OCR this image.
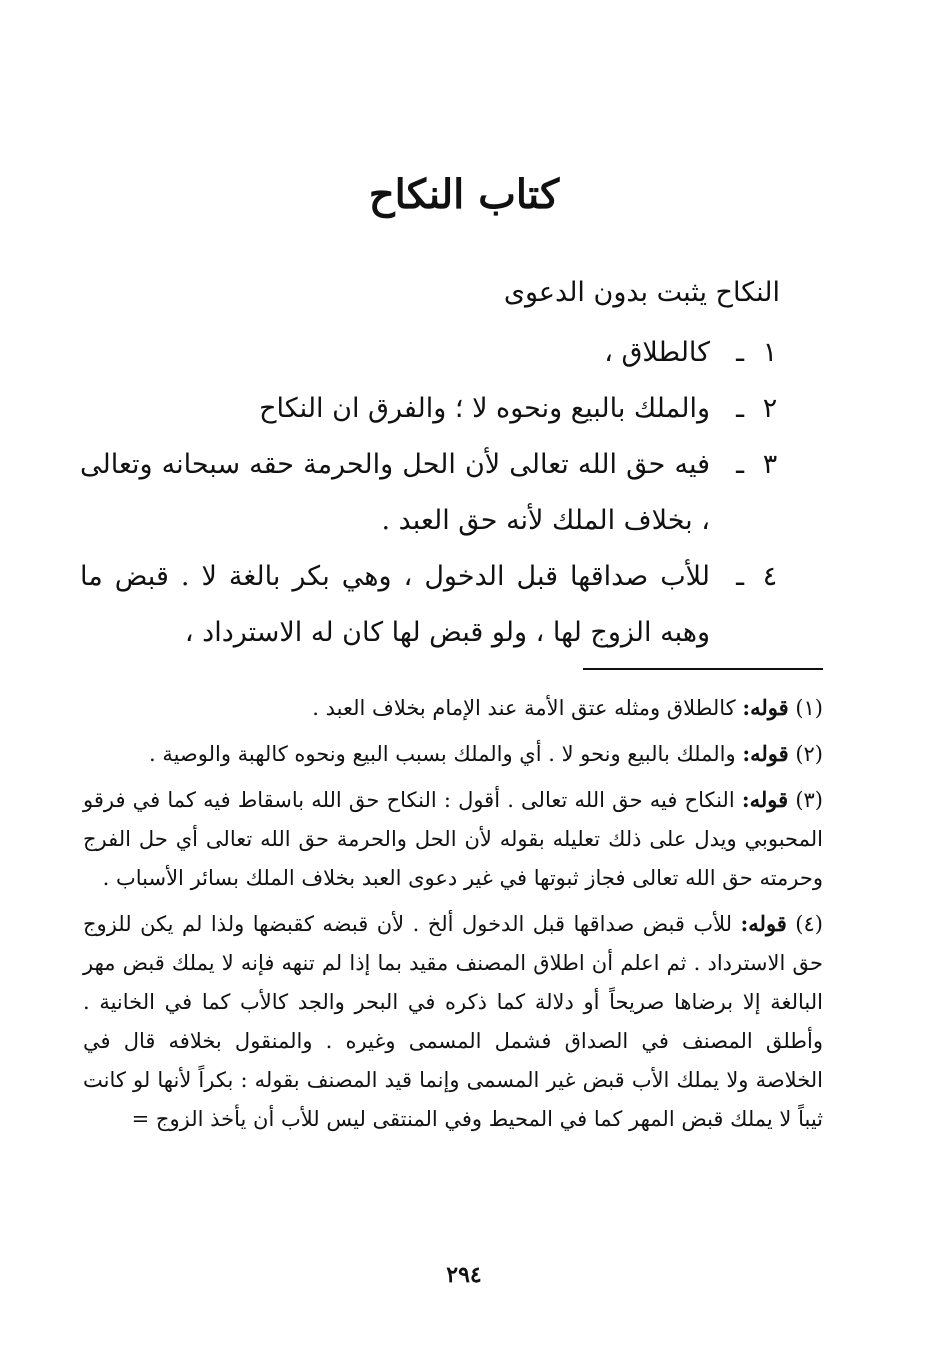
كتاب النكاح
النكاح يثبت بدون الدعوى
١
ـ
كالطلاق ،
٢
ـ
والملك بالبيع ونحوه لا ؛ والفرق ان النكاح
٣
ـ
فيه حق الله تعالى لأن الحل والحرمة حقه سبحانه وتعالى ، بخلاف الملك لأنه حق العبد .
٤
ـ
للأب صداقها قبل الدخول ، وهي بكر بالغة لا . قبض ما وهبه الزوج لها ، ولو قبض لها كان له الاسترداد ،
(١) قوله: كالطلاق ومثله عتق الأمة عند الإمام بخلاف العبد .
(٢) قوله: والملك بالبيع ونحو لا . أي والملك بسبب البيع ونحوه كالهبة والوصية .
(٣) قوله: النكاح فيه حق الله تعالى . أقول : النكاح حق الله باسقاط فيه كما في فرقو المحبوبي ويدل على ذلك تعليله بقوله لأن الحل والحرمة حق الله تعالى أي حل الفرج وحرمته حق الله تعالى فجاز ثبوتها في غير دعوى العبد بخلاف الملك بسائر الأسباب .
(٤) قوله: للأب قبض صداقها قبل الدخول ألخ . لأن قبضه كقبضها ولذا لم يكن للزوج حق الاسترداد . ثم اعلم أن اطلاق المصنف مقيد بما إذا لم تنهه فإنه لا يملك قبض مهر البالغة إلا برضاها صريحاً أو دلالة كما ذكره في البحر والجد كالأب كما في الخانية . وأطلق المصنف في الصداق فشمل المسمى وغيره . والمنقول بخلافه قال في الخلاصة ولا يملك الأب قبض غير المسمى وإنما قيد المصنف بقوله : بكراً لأنها لو كانت ثيباً لا يملك قبض المهر كما في المحيط وفي المنتقى ليس للأب أن يأخذ الزوج =
٢٩٤
